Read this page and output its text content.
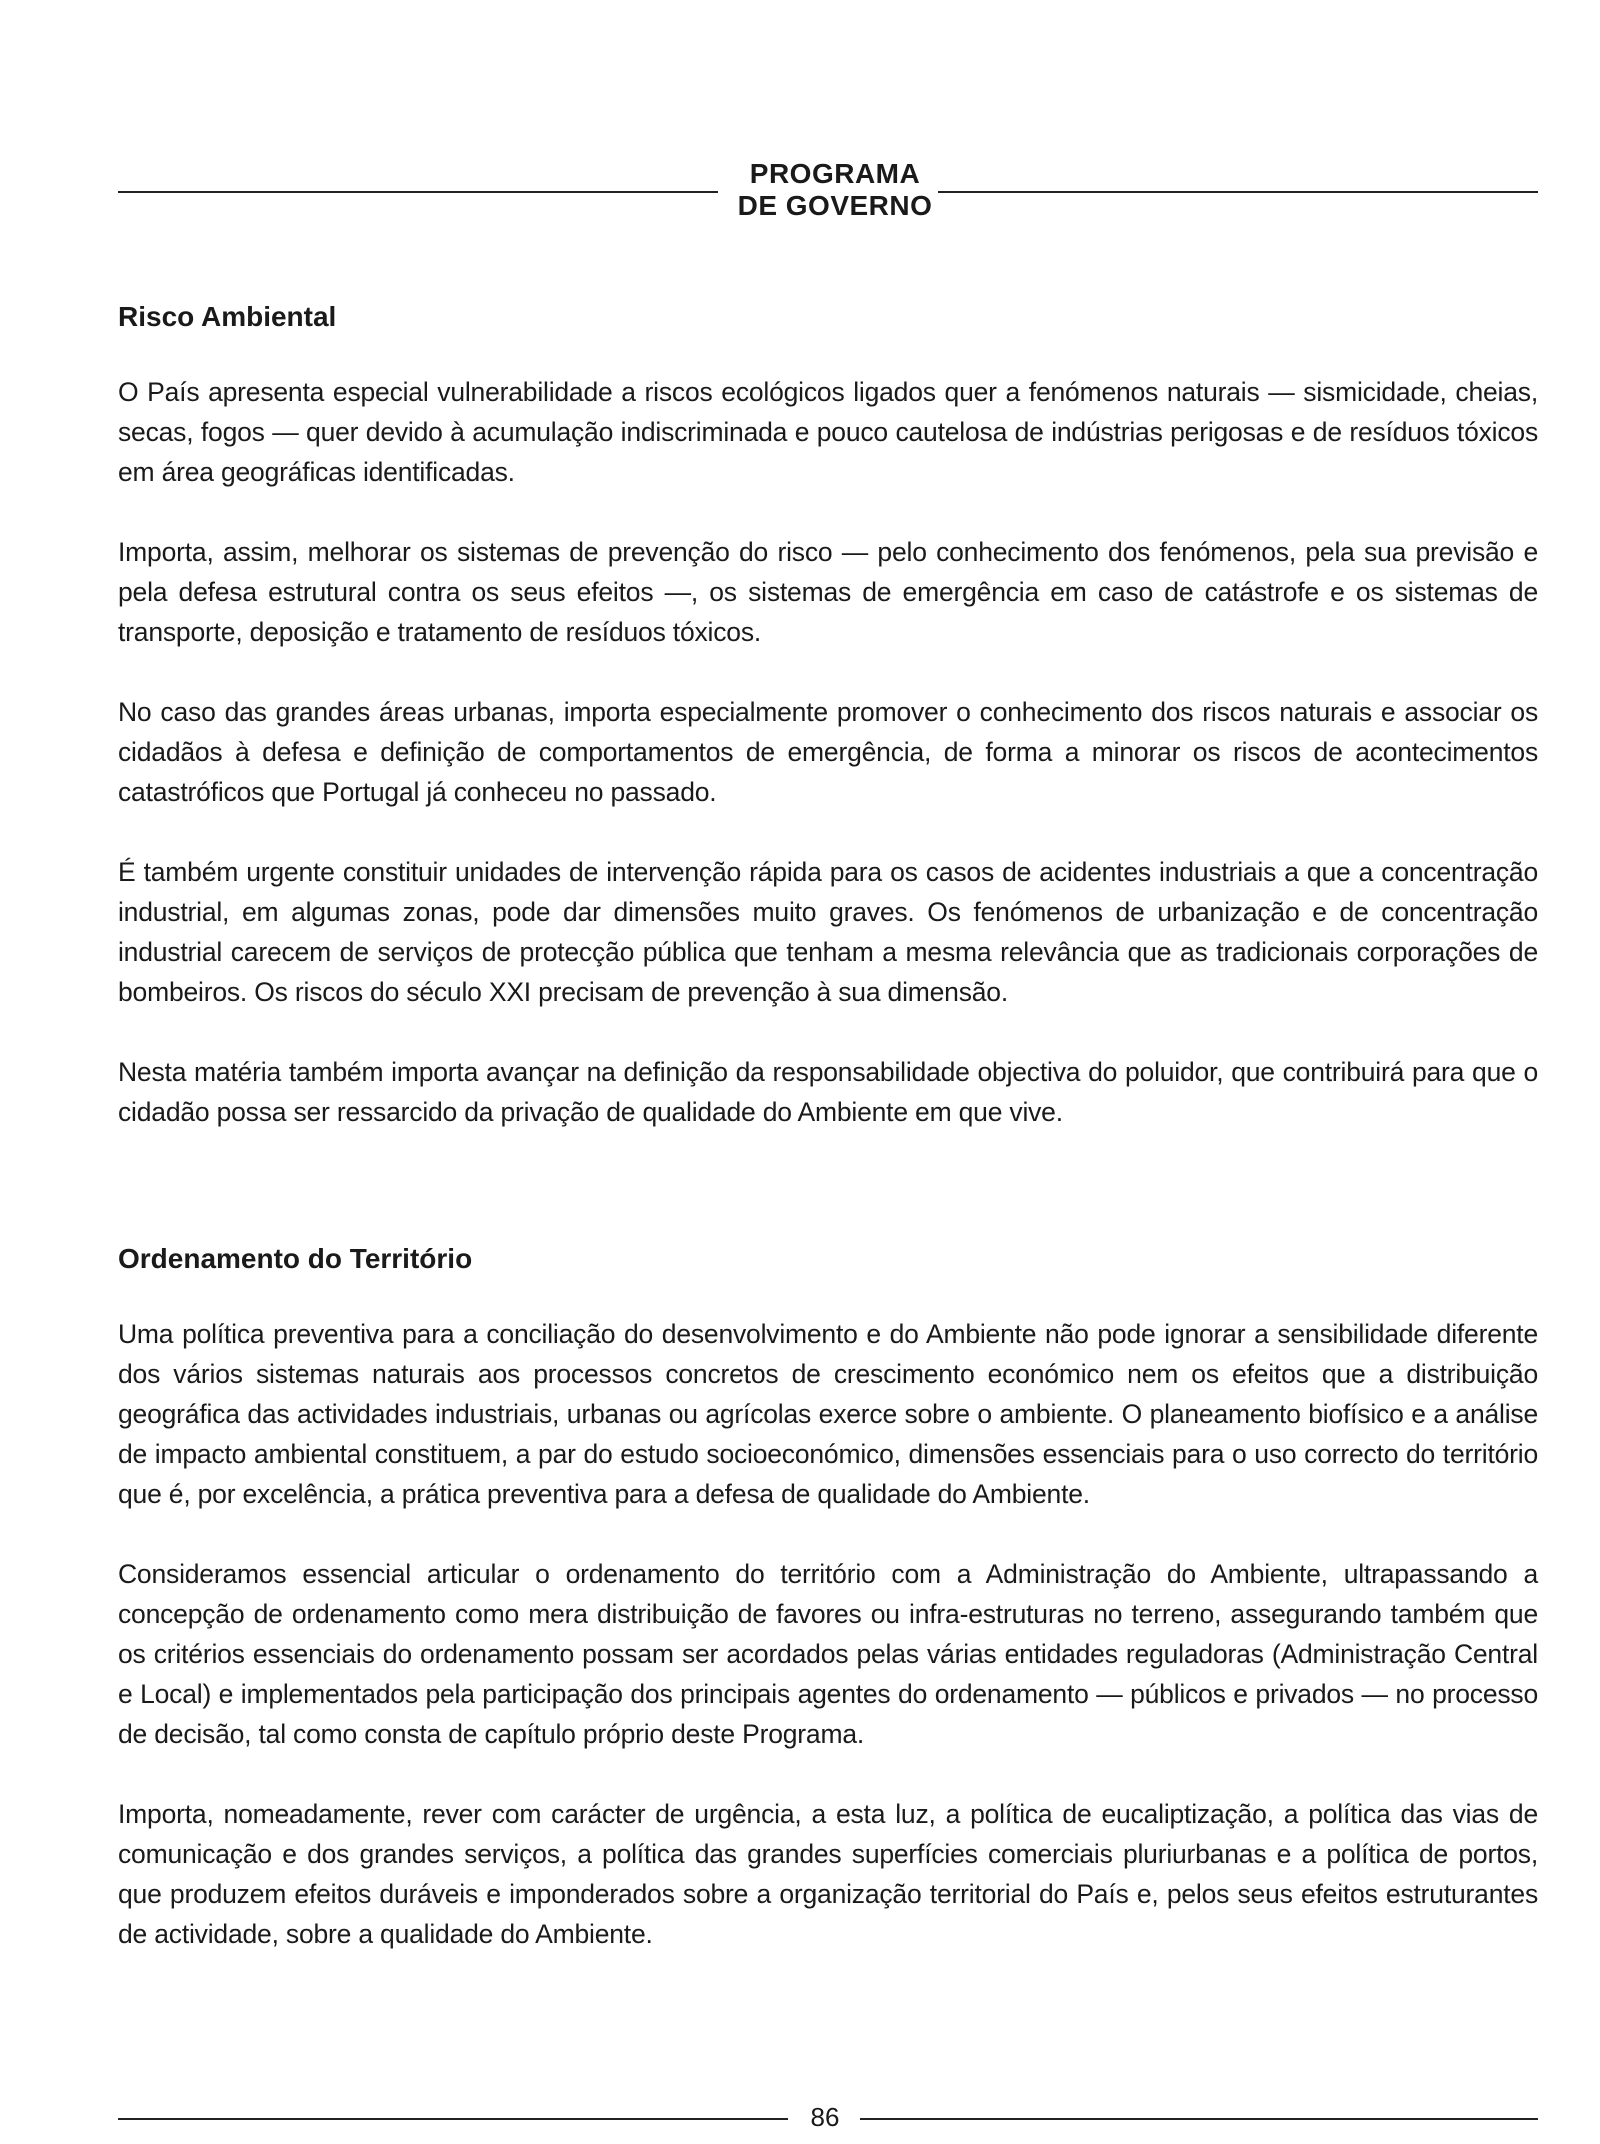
PROGRAMA
DE GOVERNO
Risco Ambiental

O País apresenta especial vulnerabilidade a riscos ecológicos ligados quer a fenómenos naturais — sismicidade, cheias, secas, fogos — quer devido à acumulação indiscriminada e pouco cautelosa de indústrias perigosas e de resíduos tóxicos em área geográficas identificadas.

Importa, assim, melhorar os sistemas de prevenção do risco — pelo conhecimento dos fenómenos, pela sua previsão e pela defesa estrutural contra os seus efeitos —, os sistemas de emergência em caso de catástrofe e os sistemas de transporte, deposição e tratamento de resíduos tóxicos.

No caso das grandes áreas urbanas, importa especialmente promover o conhecimento dos riscos naturais e associar os cidadãos à defesa e definição de comportamentos de emergência, de forma a minorar os riscos de acontecimentos catastróficos que Portugal já conheceu no passado.

É também urgente constituir unidades de intervenção rápida para os casos de acidentes industriais a que a concentração industrial, em algumas zonas, pode dar dimensões muito graves. Os fenómenos de urbanização e de concentração industrial carecem de serviços de protecção pública que tenham a mesma relevância que as tradicionais corporações de bombeiros. Os riscos do século XXI precisam de prevenção à sua dimensão.

Nesta matéria também importa avançar na definição da responsabilidade objectiva do poluidor, que contribuirá para que o cidadão possa ser ressarcido da privação de qualidade do Ambiente em que vive.

Ordenamento do Território

Uma política preventiva para a conciliação do desenvolvimento e do Ambiente não pode ignorar a sensibilidade diferente dos vários sistemas naturais aos processos concretos de crescimento económico nem os efeitos que a distribuição geográfica das actividades industriais, urbanas ou agrícolas exerce sobre o ambiente. O planeamento biofísico e a análise de impacto ambiental constituem, a par do estudo socioeconómico, dimensões essenciais para o uso correcto do território que é, por excelência, a prática preventiva para a defesa de qualidade do Ambiente.

Consideramos essencial articular o ordenamento do território com a Administração do Ambiente, ultrapassando a concepção de ordenamento como mera distribuição de favores ou infra-estruturas no terreno, assegurando também que os critérios essenciais do ordenamento possam ser acordados pelas várias entidades reguladoras (Administração Central e Local) e implementados pela participação dos principais agentes do ordenamento — públicos e privados — no processo de decisão, tal como consta de capítulo próprio deste Programa.

Importa, nomeadamente, rever com carácter de urgência, a esta luz, a política de eucaliptização, a política das vias de comunicação e dos grandes serviços, a política das grandes superfícies comerciais pluriurbanas e a política de portos, que produzem efeitos duráveis e imponderados sobre a organização territorial do País e, pelos seus efeitos estruturantes de actividade, sobre a qualidade do Ambiente.

86
